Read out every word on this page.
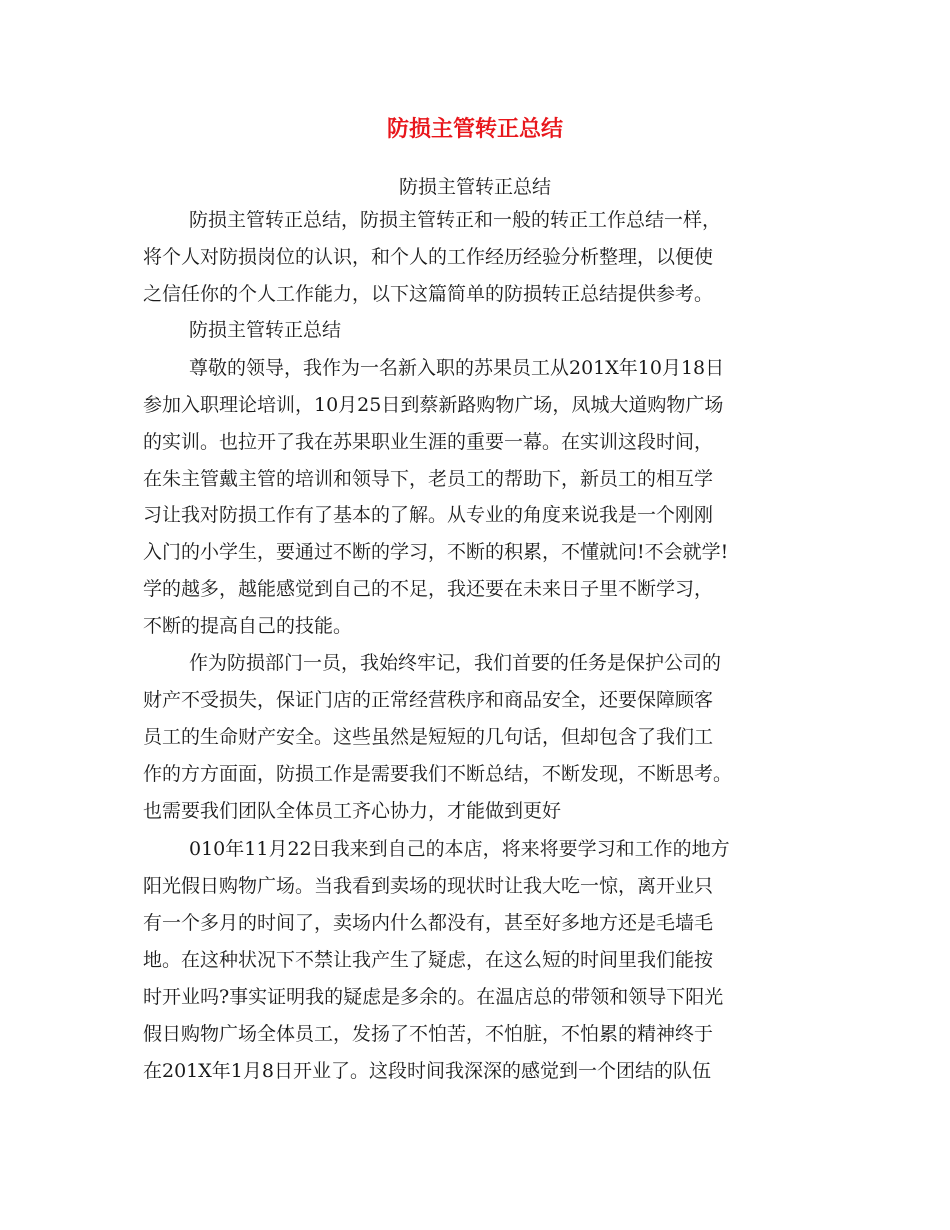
防损主管转正总结
防损主管转正总结
防损主管转正总结，防损主管转正和一般的转正工作总结一样，
将个人对防损岗位的认识，和个人的工作经历经验分析整理，以便使
之信任你的个人工作能力，以下这篇简单的防损转正总结提供参考。
防损主管转正总结
尊敬的领导，我作为一名新入职的苏果员工从201X年10月18日
参加入职理论培训，10月25日到蔡新路购物广场，凤城大道购物广场
的实训。也拉开了我在苏果职业生涯的重要一幕。在实训这段时间，
在朱主管戴主管的培训和领导下，老员工的帮助下，新员工的相互学
习让我对防损工作有了基本的了解。从专业的角度来说我是一个刚刚
入门的小学生，要通过不断的学习，不断的积累，不懂就问!不会就学!
学的越多，越能感觉到自己的不足，我还要在未来日子里不断学习，
不断的提高自己的技能。
作为防损部门一员，我始终牢记，我们首要的任务是保护公司的
财产不受损失，保证门店的正常经营秩序和商品安全，还要保障顾客
员工的生命财产安全。这些虽然是短短的几句话，但却包含了我们工
作的方方面面，防损工作是需要我们不断总结，不断发现，不断思考。
也需要我们团队全体员工齐心协力，才能做到更好
010年11月22日我来到自己的本店，将来将要学习和工作的地方
阳光假日购物广场。当我看到卖场的现状时让我大吃一惊，离开业只
有一个多月的时间了，卖场内什么都没有，甚至好多地方还是毛墙毛
地。在这种状况下不禁让我产生了疑虑，在这么短的时间里我们能按
时开业吗?事实证明我的疑虑是多余的。在温店总的带领和领导下阳光
假日购物广场全体员工，发扬了不怕苦，不怕脏，不怕累的精神终于
在201X年1月8日开业了。这段时间我深深的感觉到一个团结的队伍
